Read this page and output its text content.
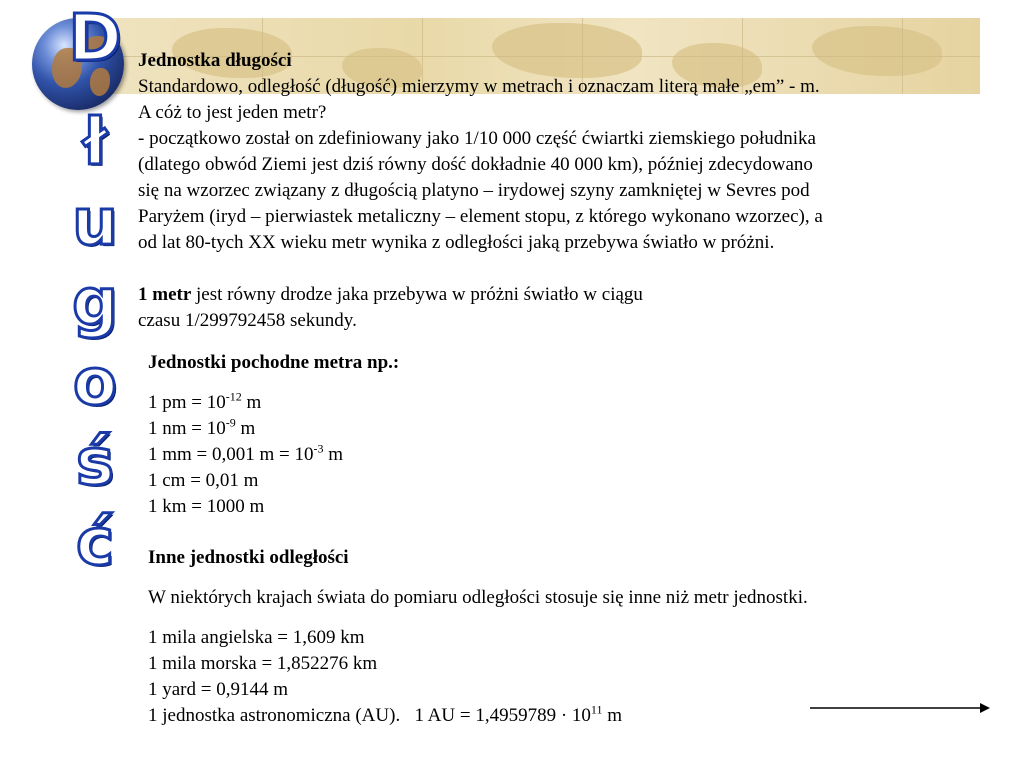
D
ł
u
g
o
ś
ć

Jednostka długości

Standardowo, odległość (długość) mierzymy w metrach i oznaczam literą małe „em” - m.

A cóż to jest jeden metr?

- początkowo został on zdefiniowany jako 1/10 000 część ćwiartki ziemskiego południka

(dlatego obwód Ziemi jest dziś równy dość dokładnie 40 000 km), później zdecydowano

się na wzorzec związany z długością platyno – irydowej szyny zamkniętej w Sevres pod

Paryżem (iryd – pierwiastek metaliczny – element stopu, z którego wykonano wzorzec), a

od lat 80-tych XX wieku metr wynika z odległości jaką przebywa światło w próżni.

1 metr jest równy drodze jaka przebywa w próżni światło w ciągu

czasu 1/299792458 sekundy.

Jednostki pochodne metra np.:

1 pm = $10^{-12}$ m

1 nm = $10^{-9}$ m

1 mm = 0,001 $m = 10^{-3}$ m

1 cm = 0,01 m

1 km = 1000 m

Inne jednostki odległości

W niektórych krajach świata do pomiaru odległości stosuje się inne niż metr jednostki.

1 mila angielska = 1,609 km

1 mila morska = 1,852276 km

1 yard = 0,9144 m

1 jednostka astronomiczna (AU).   1 AU = $1,4959789 \cdot 10^{11}$ m
